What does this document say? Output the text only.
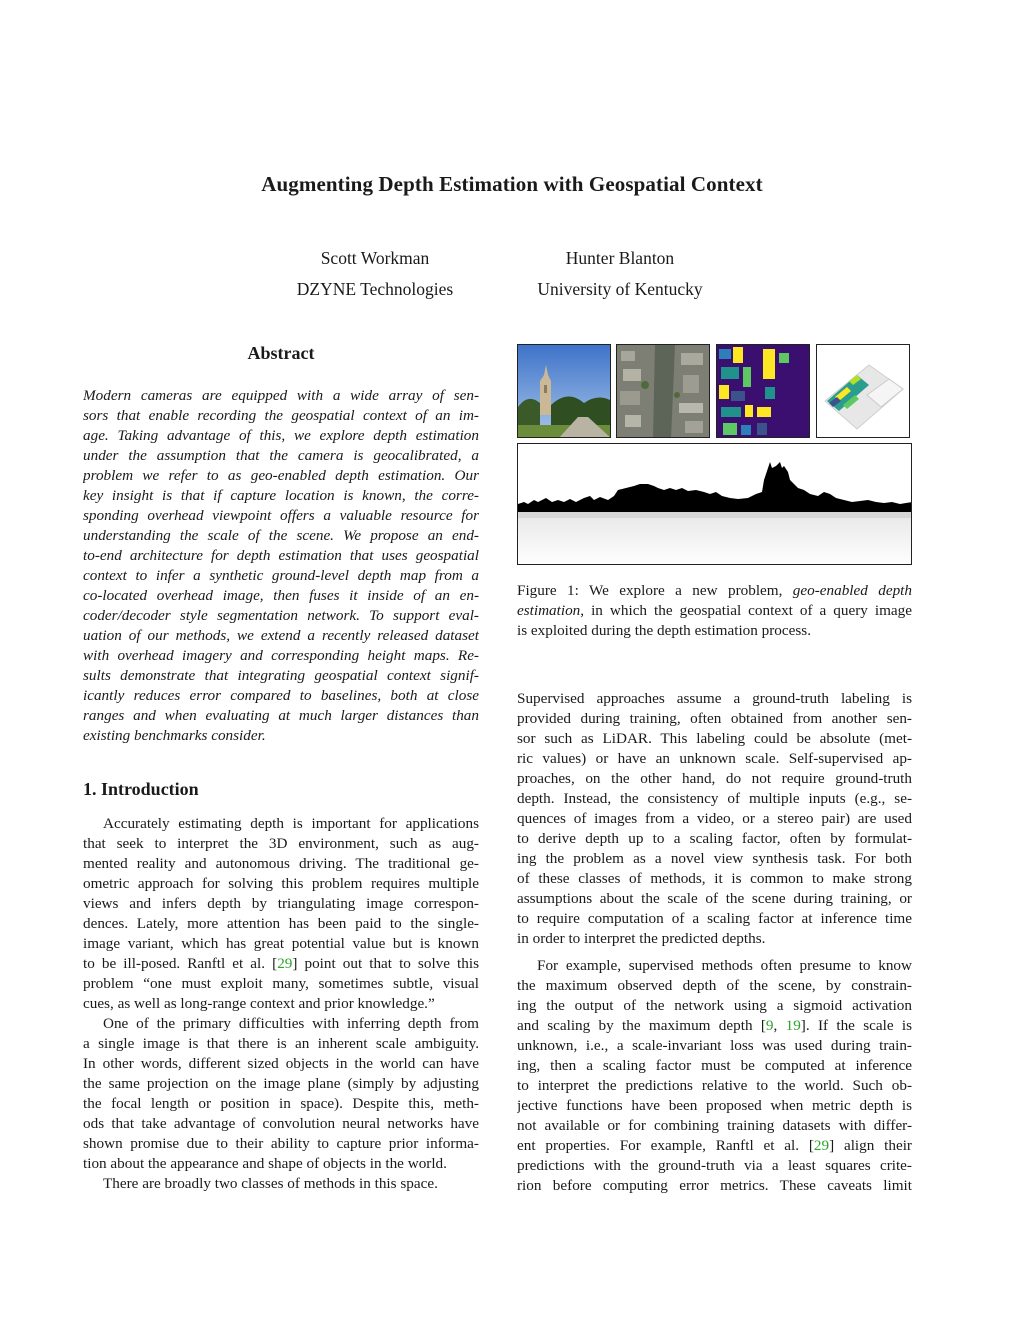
Augmenting Depth Estimation with Geospatial Context
Scott Workman
DZYNE Technologies
Hunter Blanton
University of Kentucky
Abstract
Modern cameras are equipped with a wide array of sen-
sors that enable recording the geospatial context of an im-
age. Taking advantage of this, we explore depth estimation
under the assumption that the camera is geocalibrated, a
problem we refer to as geo-enabled depth estimation. Our
key insight is that if capture location is known, the corre-
sponding overhead viewpoint offers a valuable resource for
understanding the scale of the scene. We propose an end-
to-end architecture for depth estimation that uses geospatial
context to infer a synthetic ground-level depth map from a
co-located overhead image, then fuses it inside of an en-
coder/decoder style segmentation network. To support eval-
uation of our methods, we extend a recently released dataset
with overhead imagery and corresponding height maps. Re-
sults demonstrate that integrating geospatial context signif-
icantly reduces error compared to baselines, both at close
ranges and when evaluating at much larger distances than
existing benchmarks consider.
1. Introduction
Accurately estimating depth is important for applications
that seek to interpret the 3D environment, such as aug-
mented reality and autonomous driving. The traditional ge-
ometric approach for solving this problem requires multiple
views and infers depth by triangulating image correspon-
dences. Lately, more attention has been paid to the single-
image variant, which has great potential value but is known
to be ill-posed. Ranftl et al. [29] point out that to solve this
problem “one must exploit many, sometimes subtle, visual
cues, as well as long-range context and prior knowledge.”
One of the primary difficulties with inferring depth from
a single image is that there is an inherent scale ambiguity.
In other words, different sized objects in the world can have
the same projection on the image plane (simply by adjusting
the focal length or position in space). Despite this, meth-
ods that take advantage of convolution neural networks have
shown promise due to their ability to capture prior informa-
tion about the appearance and shape of objects in the world.
There are broadly two classes of methods in this space.
Figure 1: We explore a new problem, geo-enabled depth
estimation, in which the geospatial context of a query image
is exploited during the depth estimation process.
Supervised approaches assume a ground-truth labeling is
provided during training, often obtained from another sen-
sor such as LiDAR. This labeling could be absolute (met-
ric values) or have an unknown scale. Self-supervised ap-
proaches, on the other hand, do not require ground-truth
depth. Instead, the consistency of multiple inputs (e.g., se-
quences of images from a video, or a stereo pair) are used
to derive depth up to a scaling factor, often by formulat-
ing the problem as a novel view synthesis task. For both
of these classes of methods, it is common to make strong
assumptions about the scale of the scene during training, or
to require computation of a scaling factor at inference time
in order to interpret the predicted depths.
For example, supervised methods often presume to know
the maximum observed depth of the scene, by constrain-
ing the output of the network using a sigmoid activation
and scaling by the maximum depth [9, 19]. If the scale is
unknown, i.e., a scale-invariant loss was used during train-
ing, then a scaling factor must be computed at inference
to interpret the predictions relative to the world. Such ob-
jective functions have been proposed when metric depth is
not available or for combining training datasets with differ-
ent properties. For example, Ranftl et al. [29] align their
predictions with the ground-truth via a least squares crite-
rion before computing error metrics. These caveats limit
